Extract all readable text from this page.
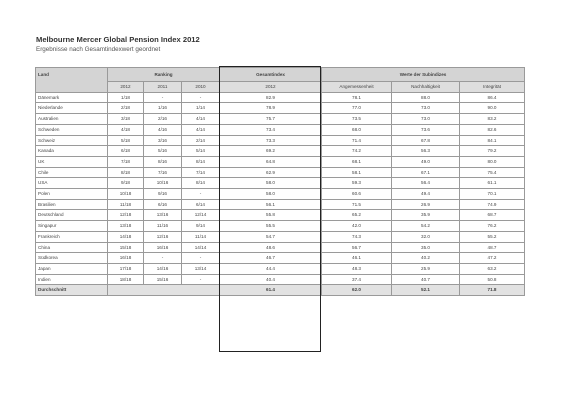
Melbourne Mercer Global Pension Index 2012
Ergebnisse nach Gesamtindexwert geordnet
Land	Ranking			Gesamtindex	Werte der Subindizes		
	2012	2011	2010	2012	Angemessenheit	Nachhaltigkeit	Integrität
Dänemark	1/18	-	-	82.9	78.1	88.0	86.4
Niederlande	2/18	1/16	1/14	78.9	77.0	73.0	90.0
Australien	3/18	2/16	4/14	75.7	73.5	73.0	83.2
Schweden	4/18	4/16	4/14	73.4	68.0	73.6	82.6
Schweiz	5/18	3/16	2/14	73.3	71.4	67.8	84.1
Kanada	6/18	5/16	5/14	69.2	74.2	56.3	79.2
UK	7/18	8/16	8/14	64.8	68.1	49.0	80.0
Chile	8/18	7/16	7/14	62.9	58.1	67.1	75.4
USA	9/18	10/16	8/14	58.0	59.3	56.4	61.1
Polen	10/18	9/16	-	58.0	60.6	49.4	70.1
Brasilien	11/18	6/16	6/14	56.1	71.5	26.9	74.9
Deutschland	12/18	13/16	12/14	55.8	65.2	35.9	68.7
Singapur	13/18	11/16	9/14	55.5	42.0	54.2	76.2
Frankreich	14/18	12/16	11/14	54.7	74.3	32.0	55.2
China	15/18	16/16	14/14	48.6	56.7	35.0	48.7
Südkorea	16/18	-	-	46.7	46.1	40.2	47.2
Japan	17/18	14/16	13/14	44.4	48.3	25.9	63.2
Indien	18/18	15/16	-	40.4	37.4	40.7	50.8
Durchschnitt				61.4	62.0	52.1	71.8
